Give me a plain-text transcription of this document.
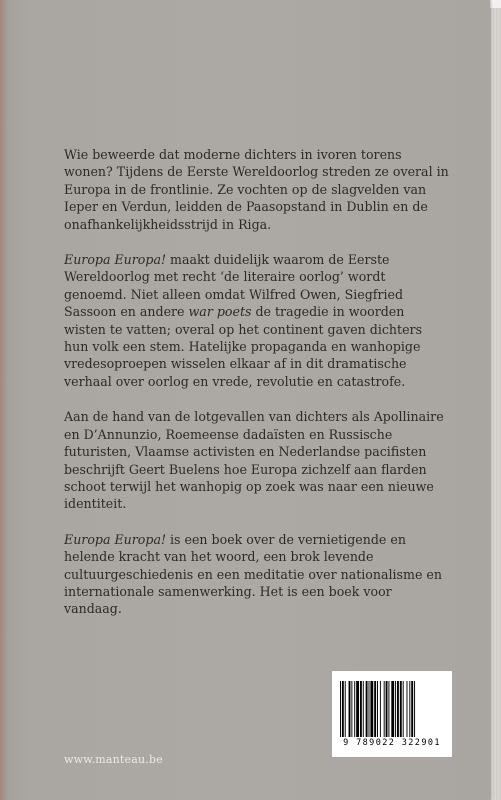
Wie beweerde dat moderne dichters in ivoren torens wonen? Tijdens de Eerste Wereldoorlog streden ze overal in Europa in de frontlinie. Ze vochten op de slagvelden van Ieper en Verdun, leidden de Paasopstand in Dublin en de onafhankelijkheidsstrijd in Riga.

Europa Europa! maakt duidelijk waarom de Eerste Wereldoorlog met recht ‘de literaire oorlog’ wordt genoemd. Niet alleen omdat Wilfred Owen, Siegfried Sassoon en andere war poets de tragedie in woorden wisten te vatten; overal op het continent gaven dichters hun volk een stem. Hatelijke propaganda en wanhopige vredesoproepen wisselen elkaar af in dit dramatische verhaal over oorlog en vrede, revolutie en catastrofe.

Aan de hand van de lotgevallen van dichters als Apollinaire en D’Annunzio, Roemeense dadaïsten en Russische futuristen, Vlaamse activisten en Nederlandse pacifisten beschrijft Geert Buelens hoe Europa zichzelf aan flarden schoot terwijl het wanhopig op zoek was naar een nieuwe identiteit.

Europa Europa! is een boek over de vernietigende en helende kracht van het woord, een brok levende cultuurgeschiedenis en een meditatie over nationalisme en internationale samenwerking. Het is een boek voor vandaag.

9 789022 322901
www.manteau.be
